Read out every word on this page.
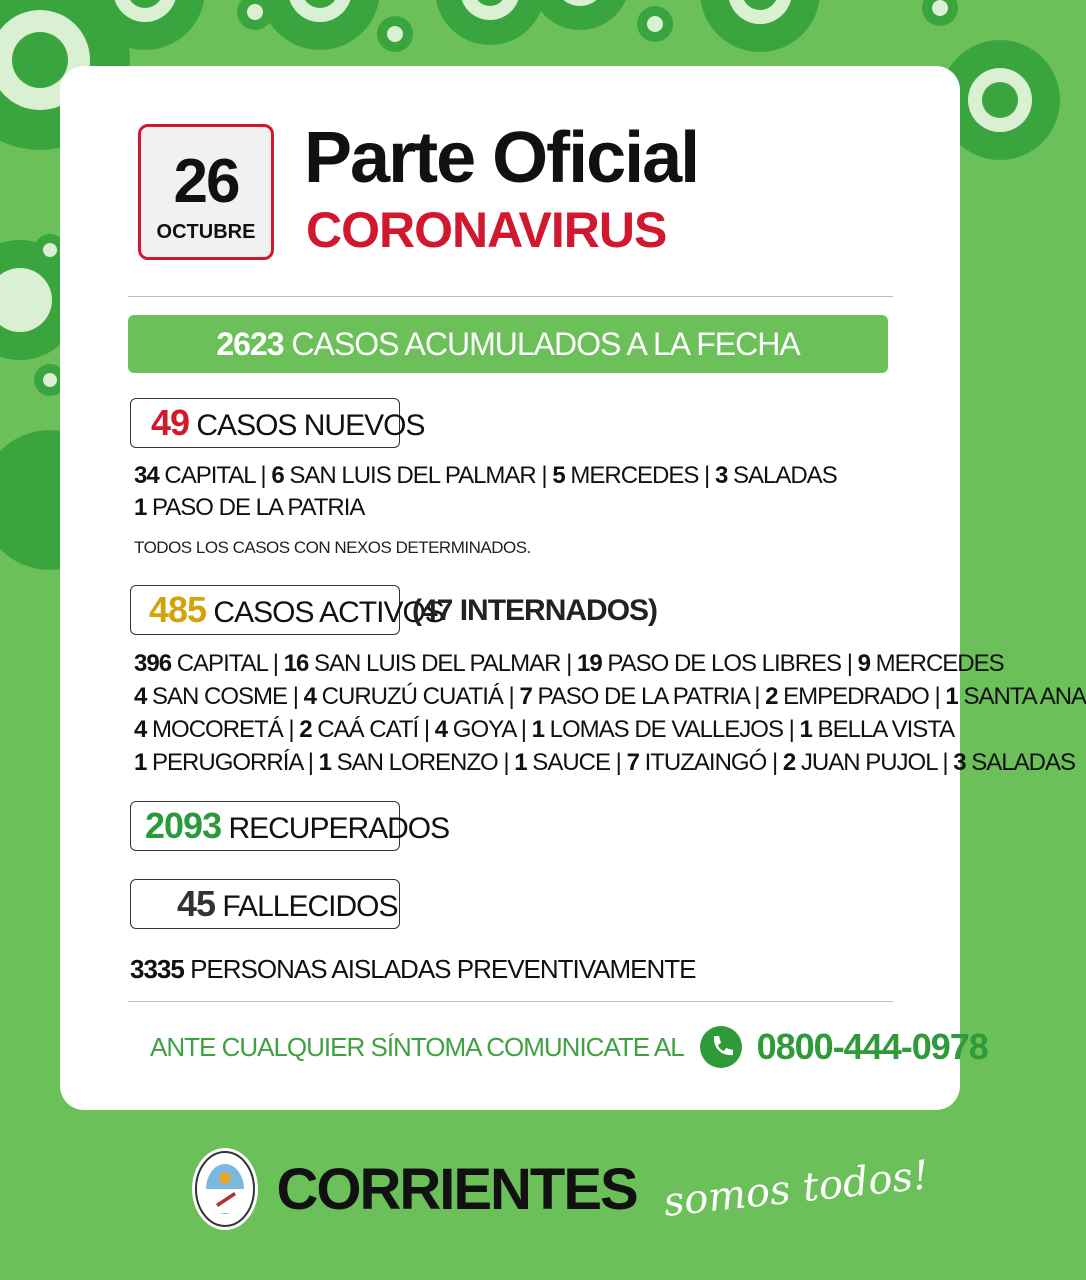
26
OCTUBRE
Parte Oficial
CORONAVIRUS
2623 CASOS ACUMULADOS A LA FECHA
49 CASOS NUEVOS
34 CAPITAL | 6 SAN LUIS DEL PALMAR | 5 MERCEDES | 3 SALADAS
1 PASO DE LA PATRIA
TODOS LOS CASOS CON NEXOS DETERMINADOS.
485 CASOS ACTIVOS
(47 INTERNADOS)
396 CAPITAL | 16 SAN LUIS DEL PALMAR | 19 PASO DE LOS LIBRES | 9 MERCEDES
4 SAN COSME | 4 CURUZÚ CUATIÁ | 7 PASO DE LA PATRIA | 2 EMPEDRADO | 1 SANTA ANA
4 MOCORETÁ | 2 CAÁ CATÍ | 4 GOYA | 1 LOMAS DE VALLEJOS | 1 BELLA VISTA
1 PERUGORRÍA | 1 SAN LORENZO | 1 SAUCE | 7 ITUZAINGÓ | 2 JUAN PUJOL | 3 SALADAS
2093 RECUPERADOS
45 FALLECIDOS
3335 PERSONAS AISLADAS PREVENTIVAMENTE
ANTE CUALQUIER SÍNTOMA COMUNICATE AL 0800-444-0978
CORRIENTES somos todos!
